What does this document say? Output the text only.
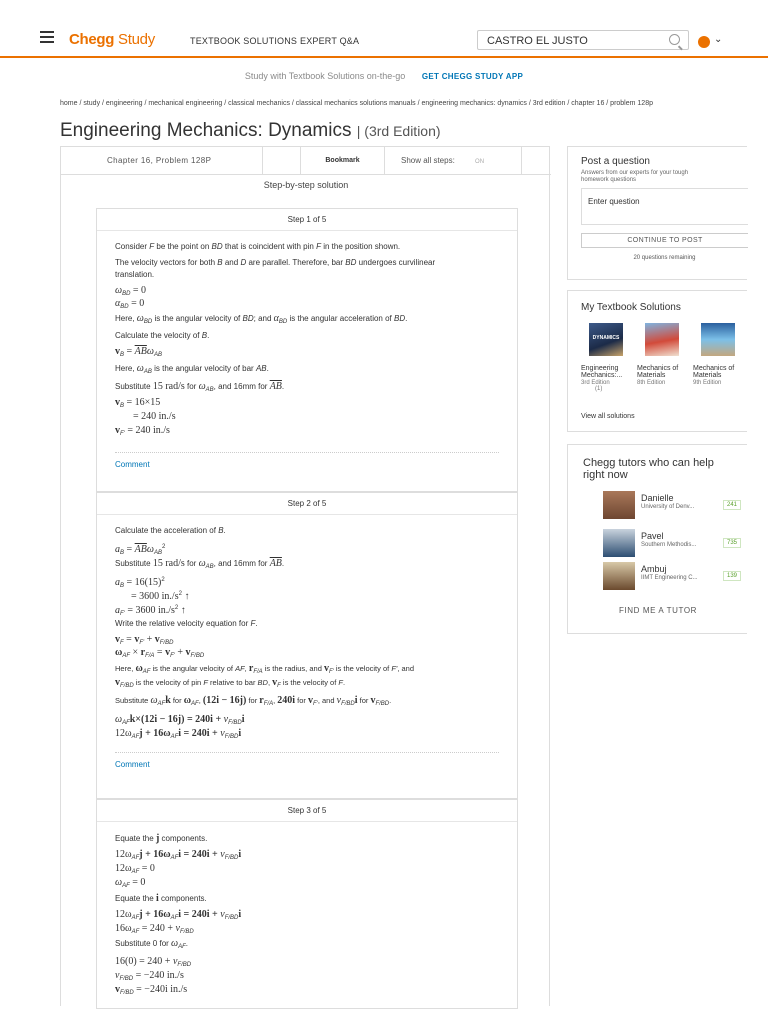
Chegg Study	TEXTBOOK SOLUTIONS EXPERT Q&A
CASTRO EL JUSTO	⌄
Study with Textbook Solutions on-the-go GET CHEGG STUDY APP
home / study / engineering / mechanical engineering / classical mechanics / classical mechanics solutions manuals / engineering mechanics: dynamics / 3rd edition / chapter 16 / problem 128p
Engineering Mechanics: Dynamics | (3rd Edition)
Chapter 16, Problem 128P	Bookmark	Show all steps:	ON
Step-by-step solution
Step 1 of 5
Consider F be the point on BD that is coincident with pin F in the position shown.
The velocity vectors for both B and D are parallel. Therefore, bar BD undergoes curvilinear
translation.
$\omega_{BD} = 0$
$\alpha_{BD} = 0$
Here, $\omega_{BD}$ is the angular velocity of BD; and $\alpha_{BD}$ is the angular acceleration of BD.
Calculate the velocity of B.
$v_B = \overline{AB}\omega_{AB}$
Here, $\omega_{AB}$ is the angular velocity of bar AB.
Substitute 15 rad/s for $\omega_{AB}$, and 16mm for $\overline{AB}$.
$v_B = 16\times 15$
= 240 in./s
$v_{F'} = 240$ in./s
Comment
Step 2 of 5
Calculate the acceleration of B.
$a_B = \overline{AB}\omega_{AB}^2$
Substitute 15 rad/s for $\omega_{AB}$, and 16mm for $\overline{AB}$.
$a_B = 16(15)^2$
= 3600 $in./s^2$ ↑
$a_{F'} = 3600$ $in./s^2$ ↑
Write the relative velocity equation for F.
$v_F = v_{F'} + v_{F/BD}$
$\omega_{AF} \times r_{F/A} = v_{F'} + v_{F/BD}$
Here, $\omega_{AF}$ is the angular velocity of AF, $r_{F/A}$ is the radius, and $v_{F'}$ is the velocity of F', and
$v_{F/BD}$ is the velocity of pin F relative to bar BD, $v_F$ is the velocity of F.
Substitute $\omega_{AF}k$ for $\omega_{AF}$, (12i − 16j) for $r_{F/A}$, 240i for $v_{F'}$, and $v_{F/BD}i$ for $v_{F/BD}$.
$\omega_{AF}k\times(12i - 16j) = 240i + v_{F/BD}i$
$12\omega_{AF}j + 16\omega_{AF}i = 240i + v_{F/BD}i$
Comment
Step 3 of 5
Equate the j components.
$12\omega_{AF}j + 16\omega_{AF}i = 240i + v_{F/BD}i$
$12\omega_{AF} = 0$
$\omega_{AF} = 0$
Equate the i components.
$12\omega_{AF}j + 16\omega_{AF}i = 240i + v_{F/BD}i$
$16\omega_{AF} = 240 + v_{F/BD}$
Substitute 0 for $\omega_{AF}$.
$16(0) = 240 + v_{F/BD}$
$v_{F/BD} = -240$ in./s
$v_{F/BD} = -240i$ in./s
Post a question
Answers from our experts for your tough
homework questions
Enter question
CONTINUE TO POST
20 questions remaining
My Textbook Solutions
DYNAMICS
Engineering
Mechanics:...
3rd Edition
(1)
Mechanics of
Materials
8th Edition
Mechanics of
Materials
9th Edition
View all solutions
Chegg tutors who can help
right now
Danielle
University of Denv...	241
Pavel
Southern Methodis...	735
Ambuj
IIMT Engineering C...	139
FIND ME A TUTOR
